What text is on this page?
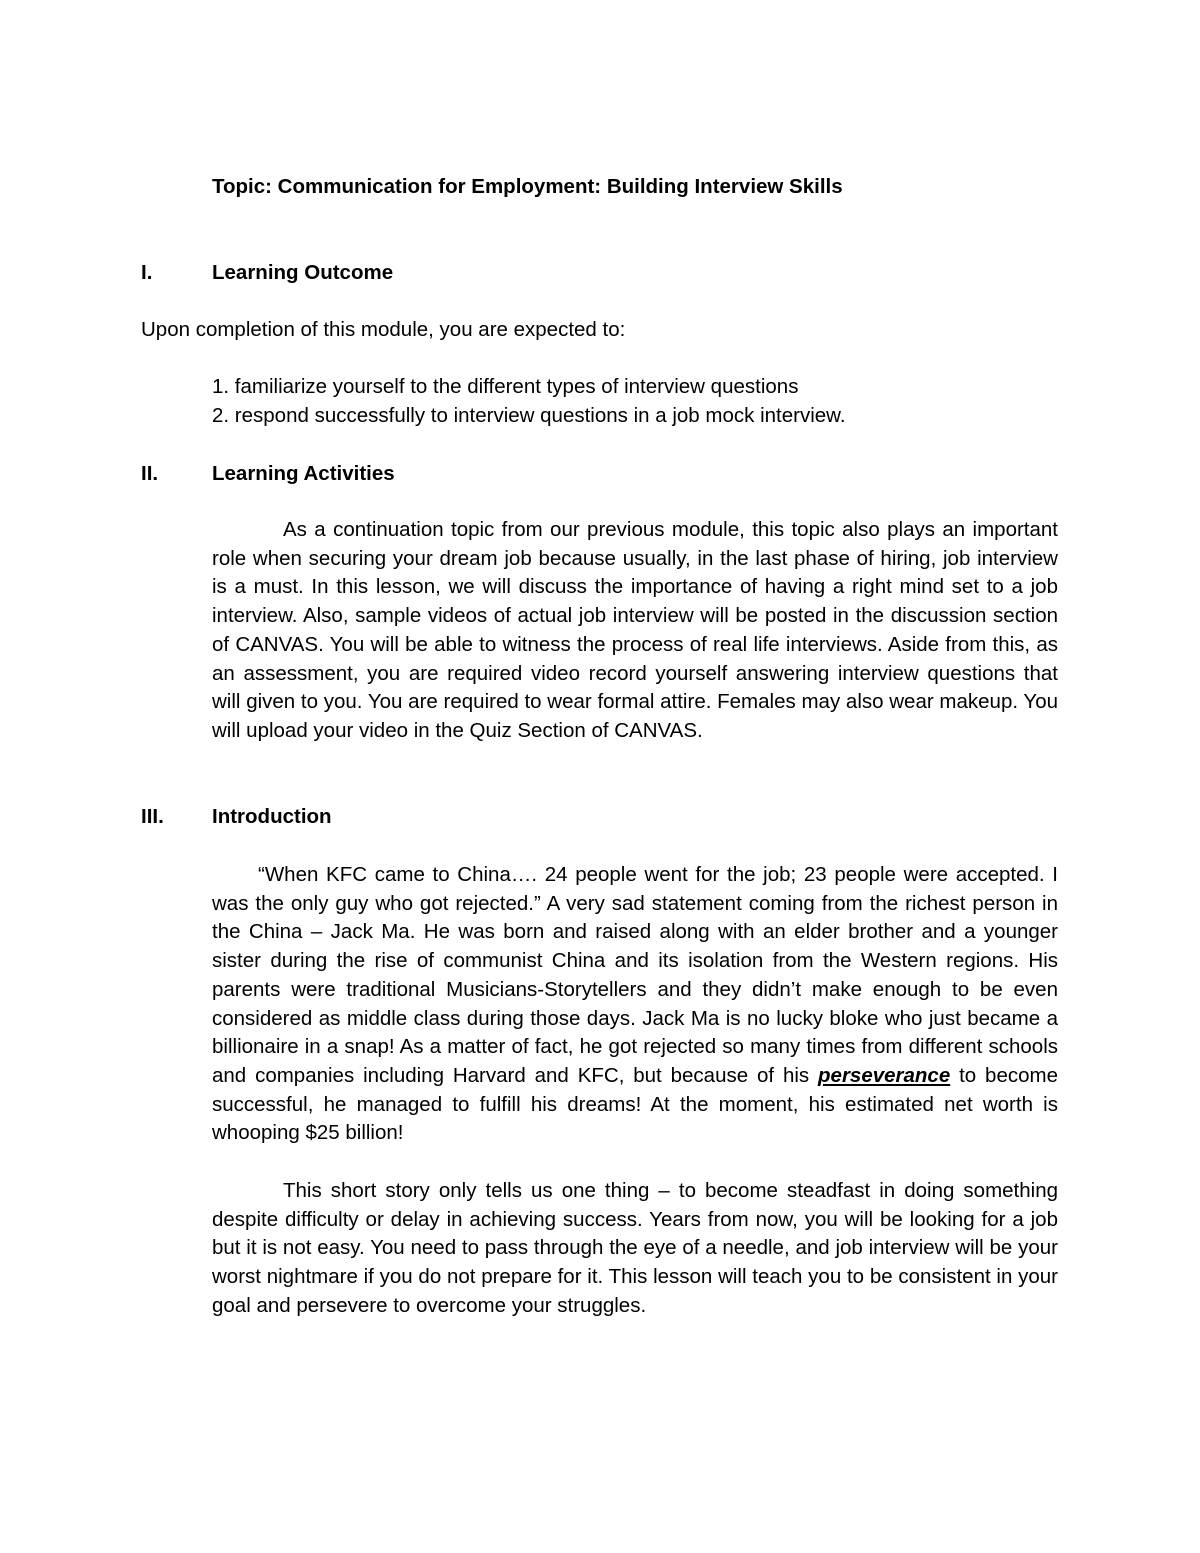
Topic: Communication for Employment: Building Interview Skills
I.	Learning Outcome
Upon completion of this module, you are expected to:
1. familiarize yourself to the different types of interview questions
2. respond successfully to interview questions in a job mock interview.
II.	Learning Activities

As a continuation topic from our previous module, this topic also plays an important role when securing your dream job because usually, in the last phase of hiring, job interview is a must. In this lesson, we will discuss the importance of having a right mind set to a job interview. Also, sample videos of actual job interview will be posted in the discussion section of CANVAS. You will be able to witness the process of real life interviews. Aside from this, as an assessment, you are required video record yourself answering interview questions that will given to you. You are required to wear formal attire. Females may also wear makeup. You will upload your video in the Quiz Section of CANVAS.

III. Introduction

“When KFC came to China…. 24 people went for the job; 23 people were accepted. I was the only guy who got rejected.” A very sad statement coming from the richest person in the China – Jack Ma. He was born and raised along with an elder brother and a younger sister during the rise of communist China and its isolation from the Western regions. His parents were traditional Musicians-Storytellers and they didn’t make enough to be even considered as middle class during those days. Jack Ma is no lucky bloke who just became a billionaire in a snap! As a matter of fact, he got rejected so many times from different schools and companies including Harvard and KFC, but because of his perseverance to become successful, he managed to fulfill his dreams! At the moment, his estimated net worth is whooping $25 billion!

This short story only tells us one thing – to become steadfast in doing something despite difficulty or delay in achieving success. Years from now, you will be looking for a job but it is not easy. You need to pass through the eye of a needle, and job interview will be your worst nightmare if you do not prepare for it. This lesson will teach you to be consistent in your goal and persevere to overcome your struggles.
